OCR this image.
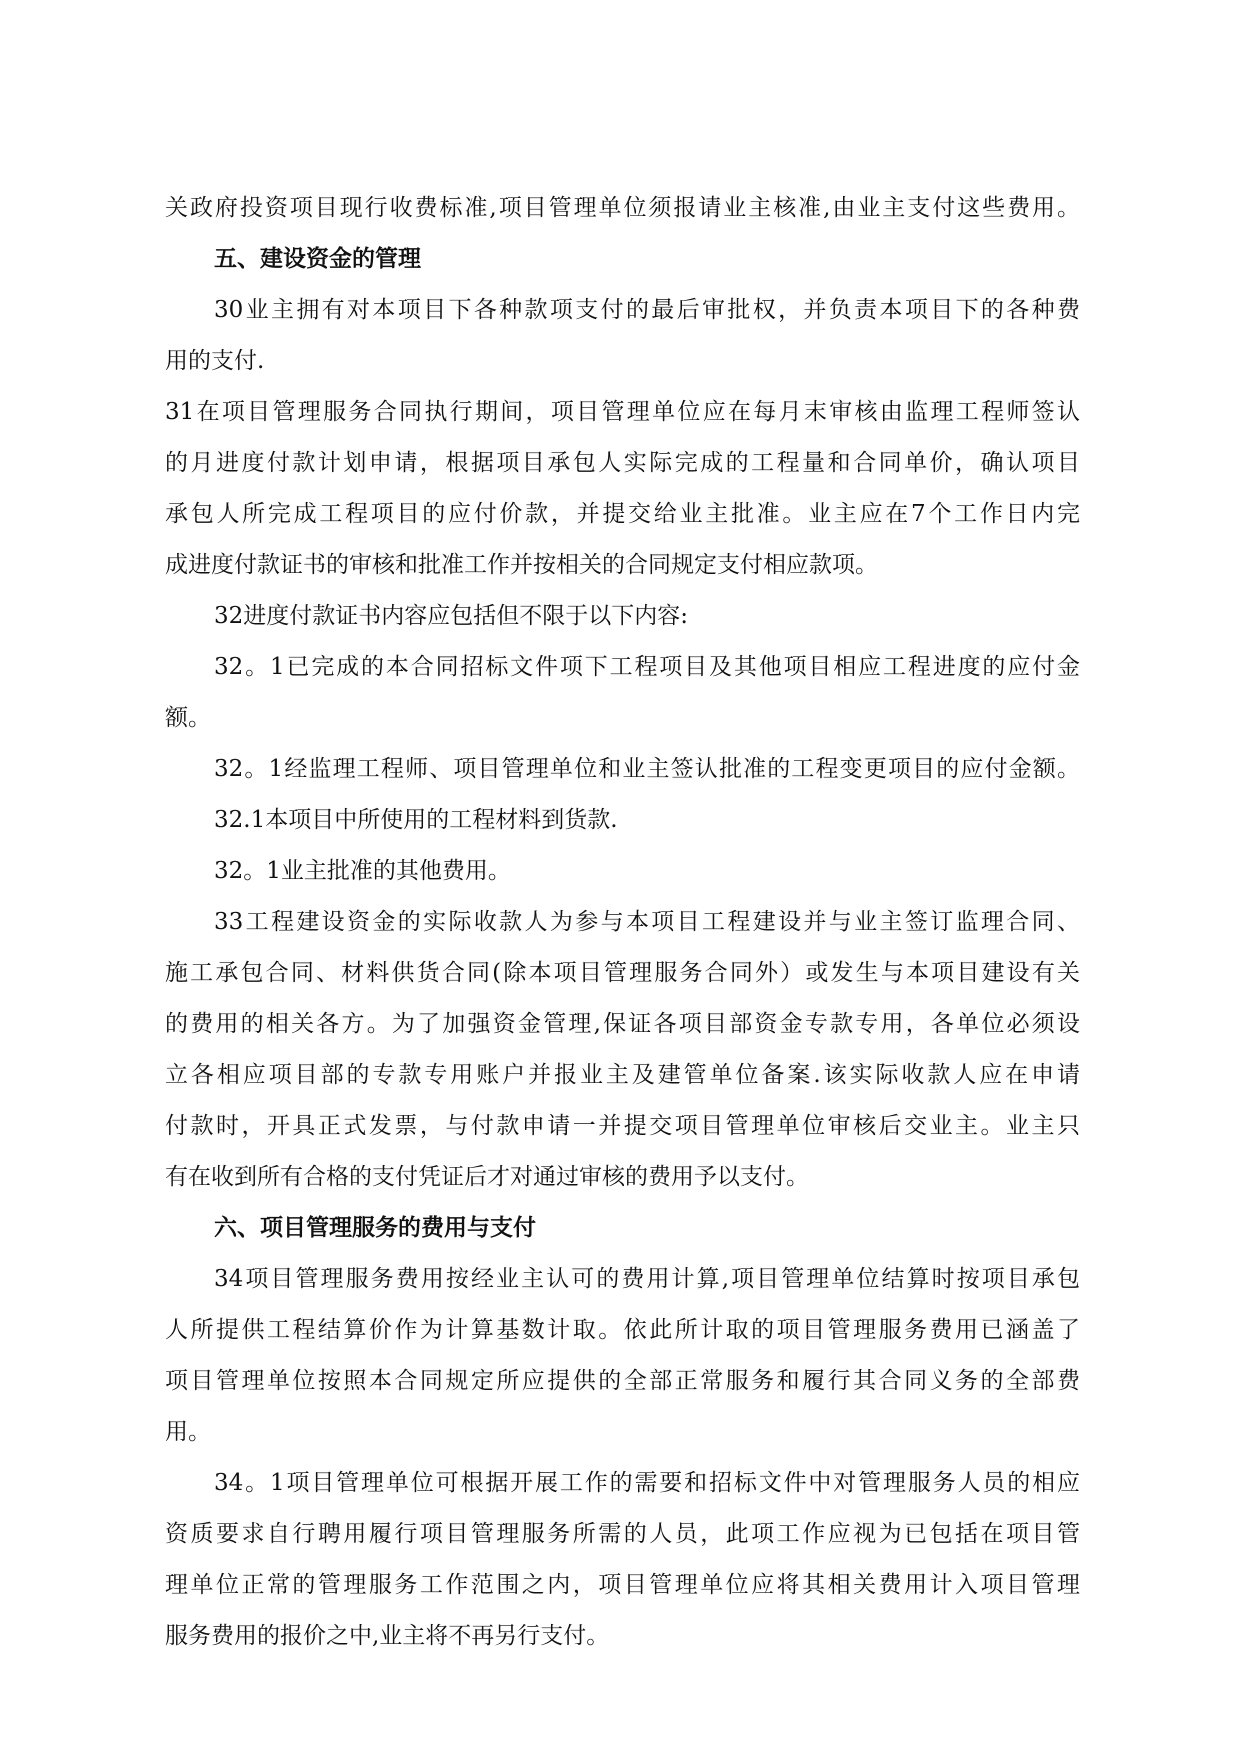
关政府投资项目现行收费标准,项目管理单位须报请业主核准,由业主支付这些费用。
五、建设资金的管理
30业主拥有对本项目下各种款项支付的最后审批权，并负责本项目下的各种费
用的支付.
31在项目管理服务合同执行期间，项目管理单位应在每月末审核由监理工程师签认
的月进度付款计划申请，根据项目承包人实际完成的工程量和合同单价，确认项目
承包人所完成工程项目的应付价款，并提交给业主批准。业主应在7个工作日内完
成进度付款证书的审核和批准工作并按相关的合同规定支付相应款项。
32进度付款证书内容应包括但不限于以下内容:
32。1已完成的本合同招标文件项下工程项目及其他项目相应工程进度的应付金
额。
32。1经监理工程师、项目管理单位和业主签认批准的工程变更项目的应付金额。
32.1本项目中所使用的工程材料到货款.
32。1业主批准的其他费用。
33工程建设资金的实际收款人为参与本项目工程建设并与业主签订监理合同、
施工承包合同、材料供货合同(除本项目管理服务合同外）或发生与本项目建设有关
的费用的相关各方。为了加强资金管理,保证各项目部资金专款专用，各单位必须设
立各相应项目部的专款专用账户并报业主及建管单位备案.该实际收款人应在申请
付款时，开具正式发票，与付款申请一并提交项目管理单位审核后交业主。业主只
有在收到所有合格的支付凭证后才对通过审核的费用予以支付。
六、项目管理服务的费用与支付
34项目管理服务费用按经业主认可的费用计算,项目管理单位结算时按项目承包
人所提供工程结算价作为计算基数计取。依此所计取的项目管理服务费用已涵盖了
项目管理单位按照本合同规定所应提供的全部正常服务和履行其合同义务的全部费
用。
34。1项目管理单位可根据开展工作的需要和招标文件中对管理服务人员的相应
资质要求自行聘用履行项目管理服务所需的人员，此项工作应视为已包括在项目管
理单位正常的管理服务工作范围之内，项目管理单位应将其相关费用计入项目管理
服务费用的报价之中,业主将不再另行支付。
